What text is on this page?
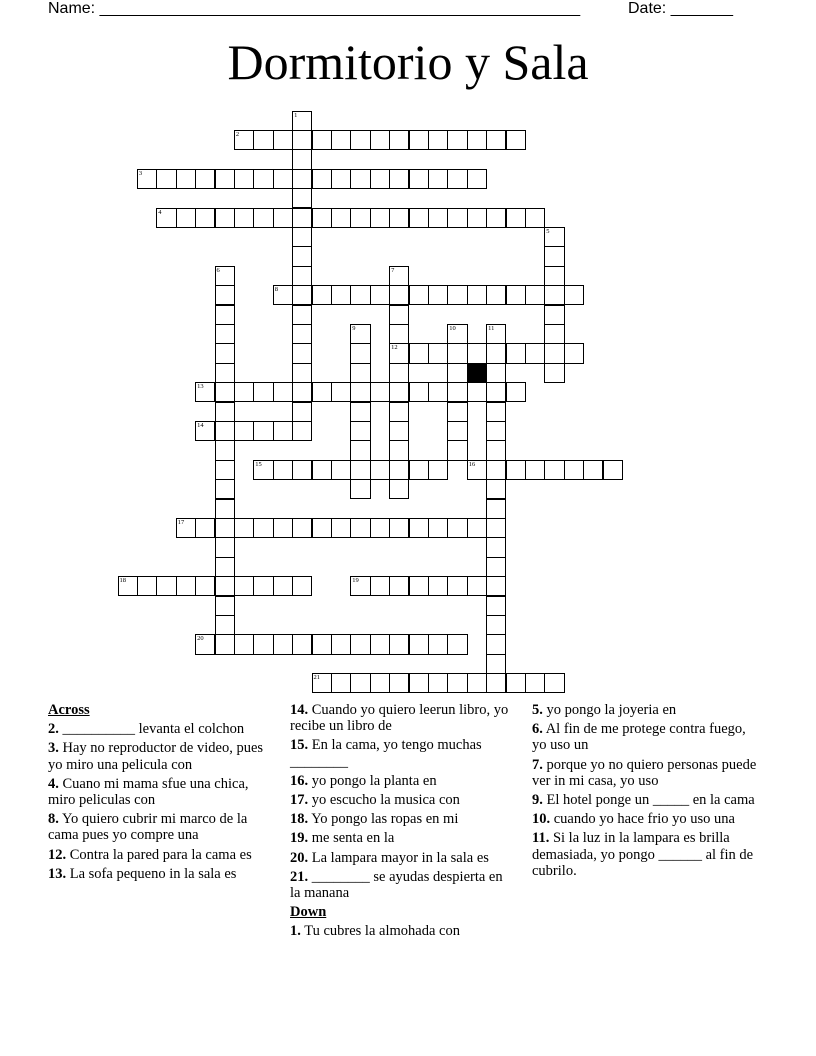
Name: ______________________________________________________	Date: _______
Dormitorio y Sala
1
2
3
4
5
6	7
8
9	10	11
12
13
14
15	16
17
18	19
20
21
Across
2. __________ levanta el colchon
3. Hay no reproductor de video, pues yo miro una pelicula con
4. Cuano mi mama sfue una chica, miro peliculas con
8. Yo quiero cubrir mi marco de la cama pues yo compre una
12. Contra la pared para la cama es
13. La sofa pequeno in la sala es
14. Cuando yo quiero leerun libro, yo recibe un libro de
15. En la cama, yo tengo muchas ________
16. yo pongo la planta en
17. yo escucho la musica con
18. Yo pongo las ropas en mi
19. me senta en la
20. La lampara mayor in la sala es
21. ________ se ayudas despierta en la manana
Down
1. Tu cubres la almohada con
5. yo pongo la joyeria en
6. Al fin de me protege contra fuego, yo uso un
7. porque yo no quiero personas puede ver in mi casa, yo uso
9. El hotel ponge un _____ en la cama
10. cuando yo hace frio yo uso una
11. Si la luz in la lampara es brilla demasiada, yo pongo ______ al fin de cubrilo.
